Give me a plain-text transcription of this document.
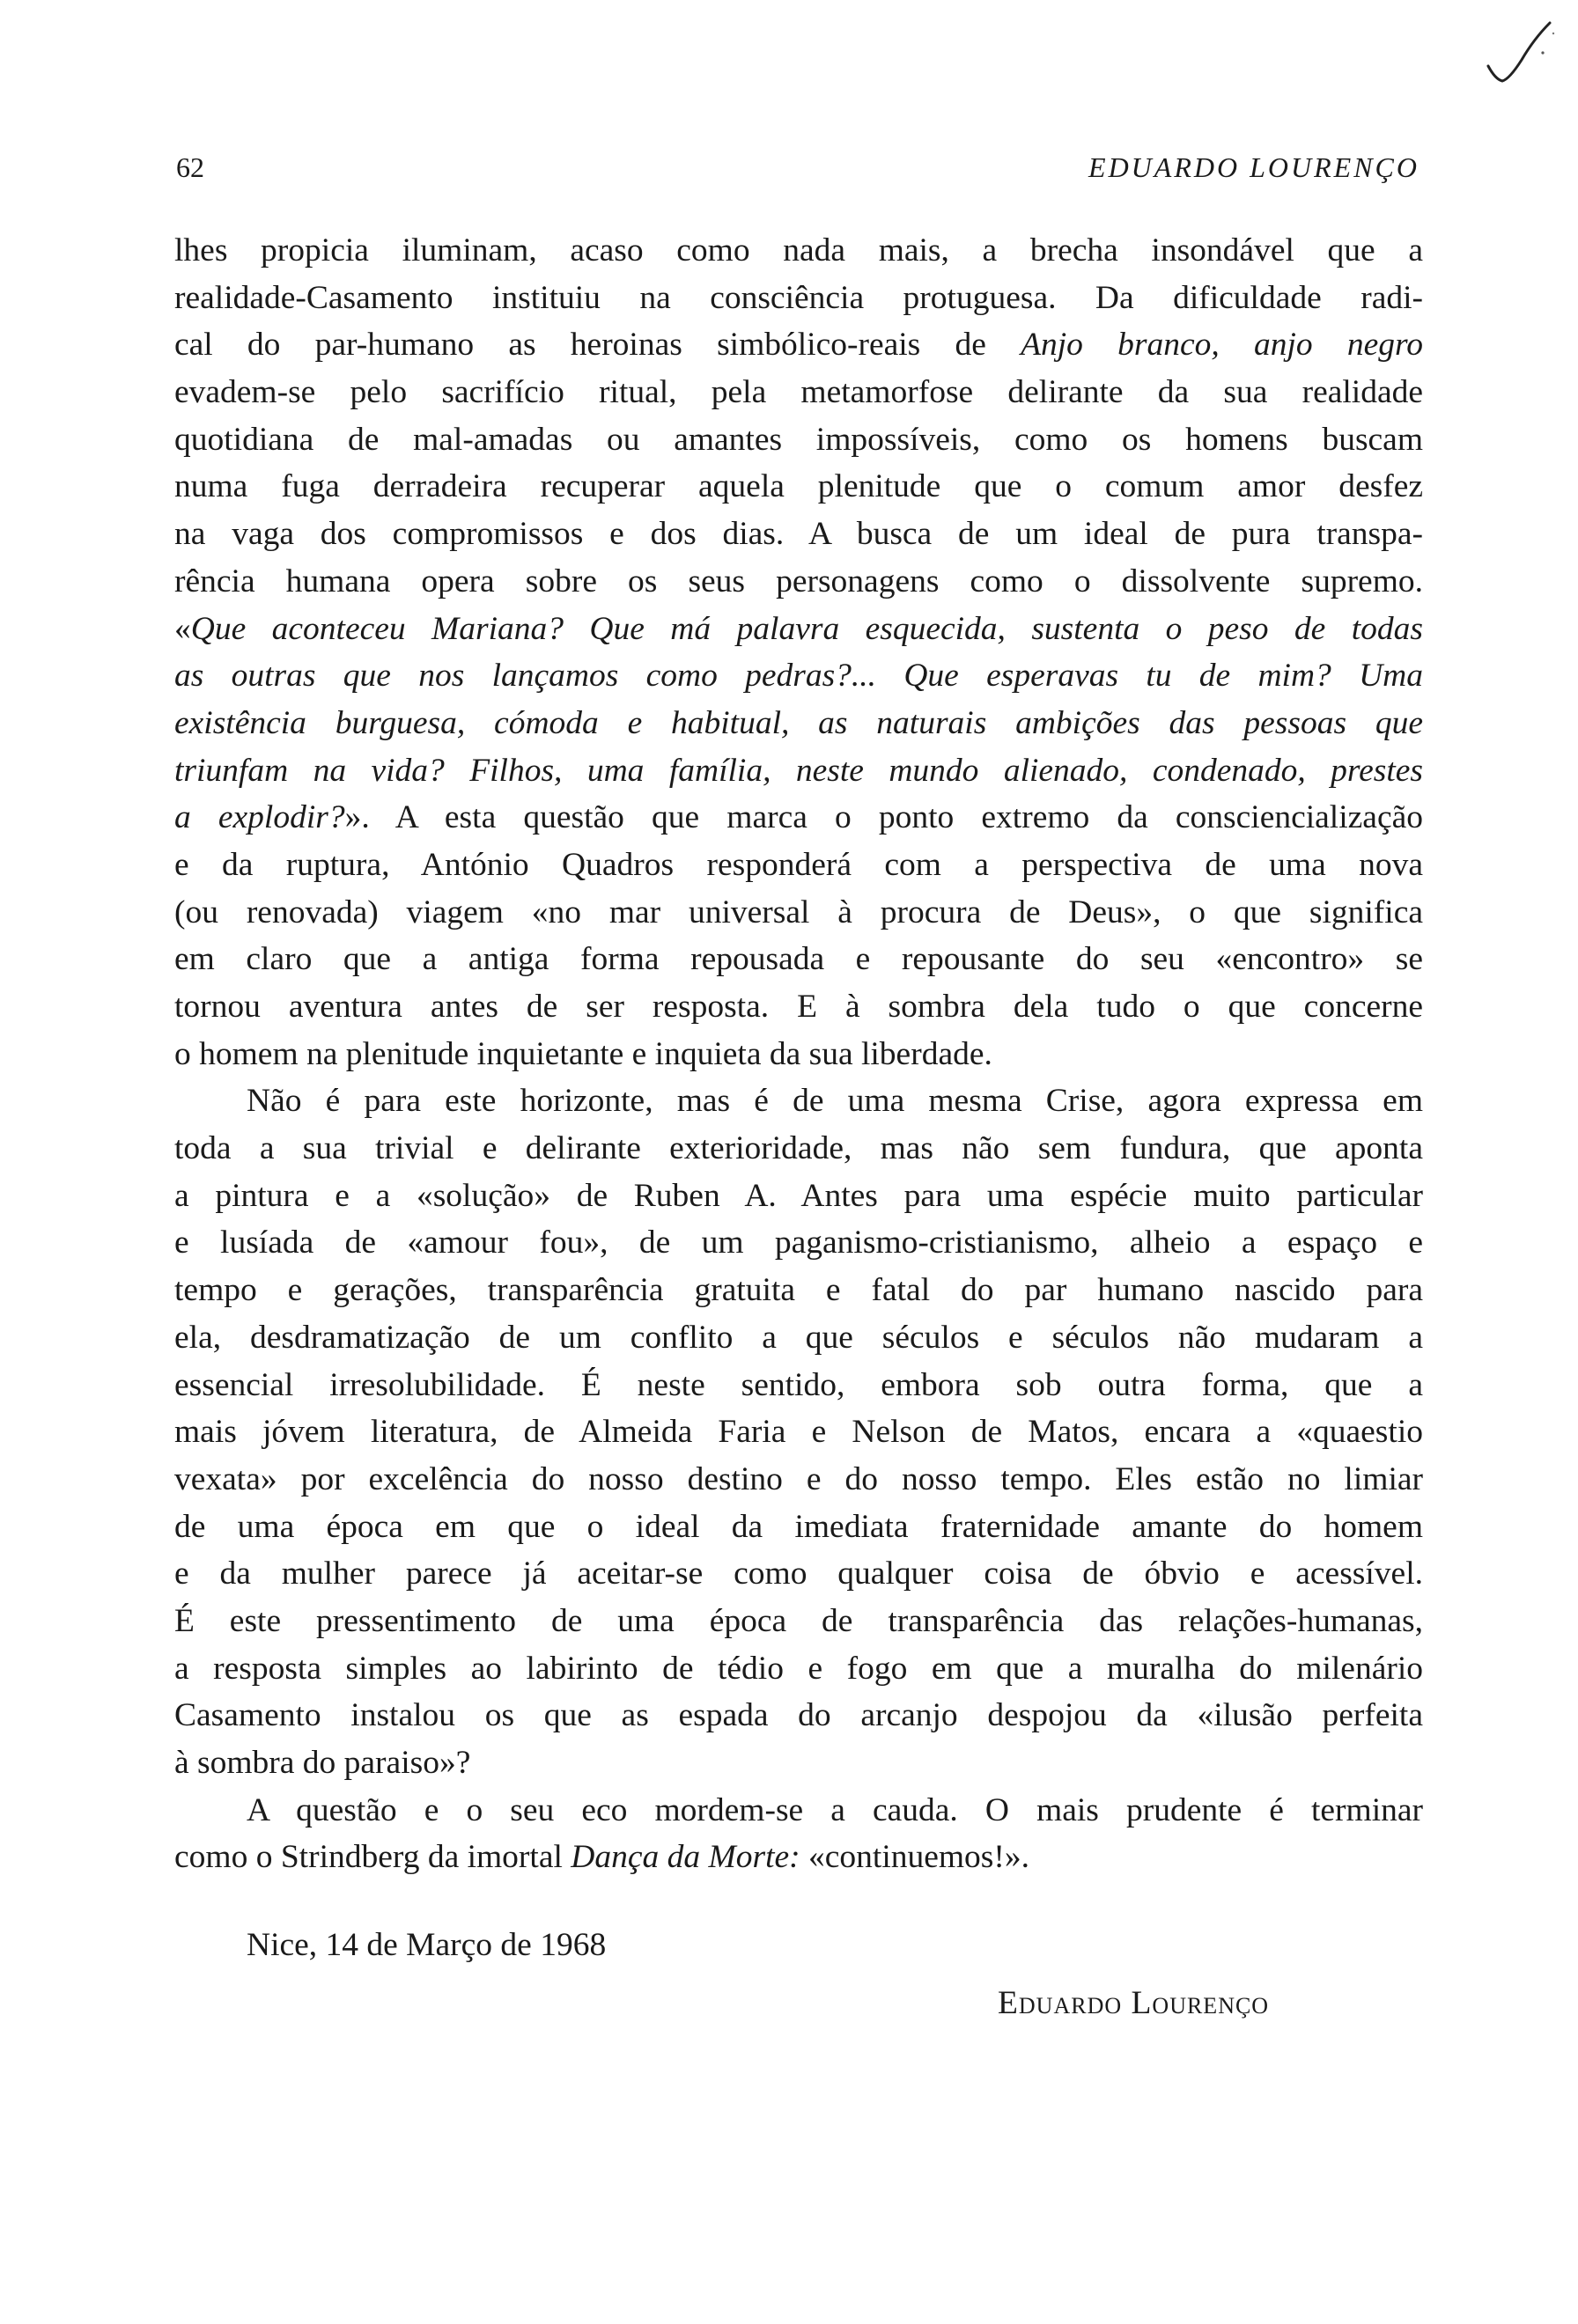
62	EDUARDO LOURENÇO
lhes propicia iluminam, acaso como nada mais, a brecha insondável que a
realidade-Casamento instituiu na consciência protuguesa. Da dificuldade radi-
cal do par-humano as heroinas simbólico-reais de Anjo branco, anjo negro
evadem-se pelo sacrifício ritual, pela metamorfose delirante da sua realidade
quotidiana de mal-amadas ou amantes impossíveis, como os homens buscam
numa fuga derradeira recuperar aquela plenitude que o comum amor desfez
na vaga dos compromissos e dos dias. A busca de um ideal de pura transpa-
rência humana opera sobre os seus personagens como o dissolvente supremo.
«Que aconteceu Mariana? Que má palavra esquecida, sustenta o peso de todas
as outras que nos lançamos como pedras?... Que esperavas tu de mim? Uma
existência burguesa, cómoda e habitual, as naturais ambições das pessoas que
triunfam na vida? Filhos, uma família, neste mundo alienado, condenado, prestes
a explodir?». A esta questão que marca o ponto extremo da consciencialização
e da ruptura, António Quadros responderá com a perspectiva de uma nova
(ou renovada) viagem «no mar universal à procura de Deus», o que significa
em claro que a antiga forma repousada e repousante do seu «encontro» se
tornou aventura antes de ser resposta. E à sombra dela tudo o que concerne
o homem na plenitude inquietante e inquieta da sua liberdade.
Não é para este horizonte, mas é de uma mesma Crise, agora expressa em
toda a sua trivial e delirante exterioridade, mas não sem fundura, que aponta
a pintura e a «solução» de Ruben A. Antes para uma espécie muito particular
e lusíada de «amour fou», de um paganismo-cristianismo, alheio a espaço e
tempo e gerações, transparência gratuita e fatal do par humano nascido para
ela, desdramatização de um conflito a que séculos e séculos não mudaram a
essencial irresolubilidade. É neste sentido, embora sob outra forma, que a
mais jóvem literatura, de Almeida Faria e Nelson de Matos, encara a «quaestio
vexata» por excelência do nosso destino e do nosso tempo. Eles estão no limiar
de uma época em que o ideal da imediata fraternidade amante do homem
e da mulher parece já aceitar-se como qualquer coisa de óbvio e acessível.
É este pressentimento de uma época de transparência das relações-humanas,
a resposta simples ao labirinto de tédio e fogo em que a muralha do milenário
Casamento instalou os que as espada do arcanjo despojou da «ilusão perfeita
à sombra do paraiso»?
A questão e o seu eco mordem-se a cauda. O mais prudente é terminar
como o Strindberg da imortal Dança da Morte: «continuemos!».
Nice, 14 de Março de 1968
Eduardo Lourenço
